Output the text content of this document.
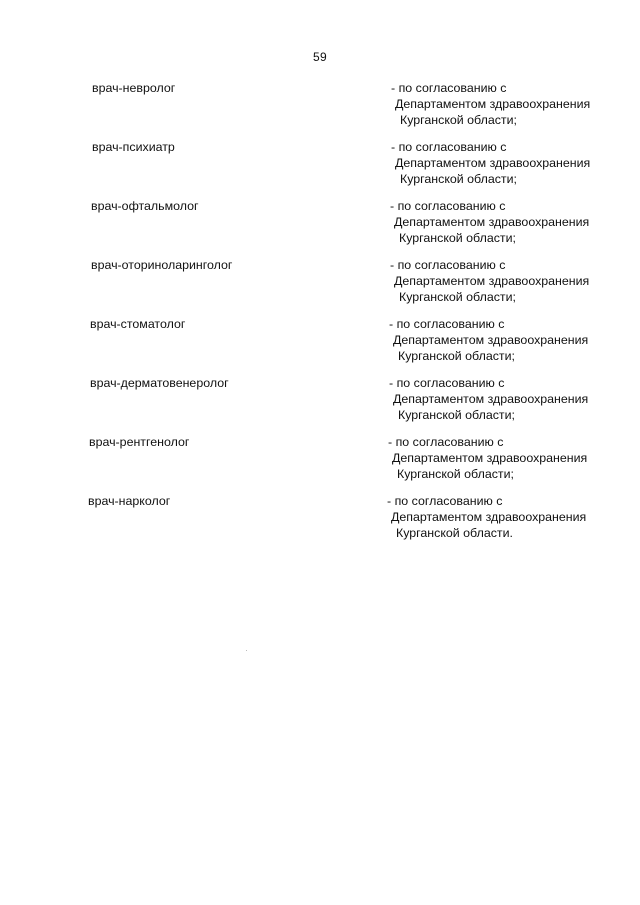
59
врач-невролог	- по согласованию с
Департаментом здравоохранения
Курганской области;
врач-психиатр	- по согласованию с
Департаментом здравоохранения
Курганской области;
врач-офтальмолог	- по согласованию с
Департаментом здравоохранения
Курганской области;
врач-оториноларинголог	- по согласованию с
Департаментом здравоохранения
Курганской области;
врач-стоматолог	- по согласованию с
Департаментом здравоохранения
Курганской области;
врач-дерматовенеролог	- по согласованию с
Департаментом здравоохранения
Курганской области;
врач-рентгенолог	- по согласованию с
Департаментом здравоохранения
Курганской области;
врач-нарколог	- по согласованию с
Департаментом здравоохранения
Курганской области.
